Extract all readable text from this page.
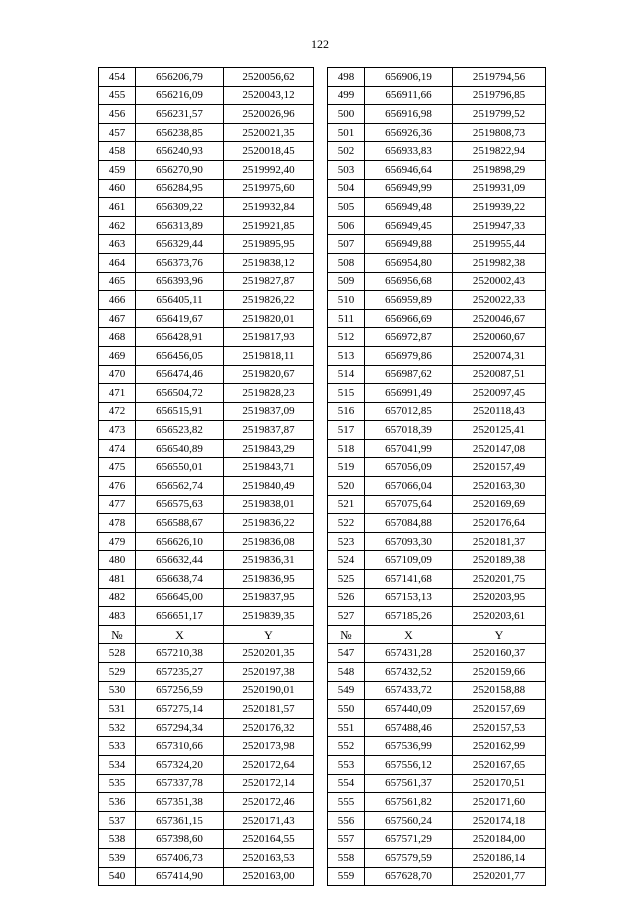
122
454	656206,79	2520056,62		498	656906,19	2519794,56
455	656216,09	2520043,12		499	656911,66	2519796,85
456	656231,57	2520026,96		500	656916,98	2519799,52
457	656238,85	2520021,35		501	656926,36	2519808,73
458	656240,93	2520018,45		502	656933,83	2519822,94
459	656270,90	2519992,40		503	656946,64	2519898,29
460	656284,95	2519975,60		504	656949,99	2519931,09
461	656309,22	2519932,84		505	656949,48	2519939,22
462	656313,89	2519921,85		506	656949,45	2519947,33
463	656329,44	2519895,95		507	656949,88	2519955,44
464	656373,76	2519838,12		508	656954,80	2519982,38
465	656393,96	2519827,87		509	656956,68	2520002,43
466	656405,11	2519826,22		510	656959,89	2520022,33
467	656419,67	2519820,01		511	656966,69	2520046,67
468	656428,91	2519817,93		512	656972,87	2520060,67
469	656456,05	2519818,11		513	656979,86	2520074,31
470	656474,46	2519820,67		514	656987,62	2520087,51
471	656504,72	2519828,23		515	656991,49	2520097,45
472	656515,91	2519837,09		516	657012,85	2520118,43
473	656523,82	2519837,87		517	657018,39	2520125,41
474	656540,89	2519843,29		518	657041,99	2520147,08
475	656550,01	2519843,71		519	657056,09	2520157,49
476	656562,74	2519840,49		520	657066,04	2520163,30
477	656575,63	2519838,01		521	657075,64	2520169,69
478	656588,67	2519836,22		522	657084,88	2520176,64
479	656626,10	2519836,08		523	657093,30	2520181,37
480	656632,44	2519836,31		524	657109,09	2520189,38
481	656638,74	2519836,95		525	657141,68	2520201,75
482	656645,00	2519837,95		526	657153,13	2520203,95
483	656651,17	2519839,35		527	657185,26	2520203,61
№	X	Y		№	X	Y
528	657210,38	2520201,35		547	657431,28	2520160,37
529	657235,27	2520197,38		548	657432,52	2520159,66
530	657256,59	2520190,01		549	657433,72	2520158,88
531	657275,14	2520181,57		550	657440,09	2520157,69
532	657294,34	2520176,32		551	657488,46	2520157,53
533	657310,66	2520173,98		552	657536,99	2520162,99
534	657324,20	2520172,64		553	657556,12	2520167,65
535	657337,78	2520172,14		554	657561,37	2520170,51
536	657351,38	2520172,46		555	657561,82	2520171,60
537	657361,15	2520171,43		556	657560,24	2520174,18
538	657398,60	2520164,55		557	657571,29	2520184,00
539	657406,73	2520163,53		558	657579,59	2520186,14
540	657414,90	2520163,00		559	657628,70	2520201,77
